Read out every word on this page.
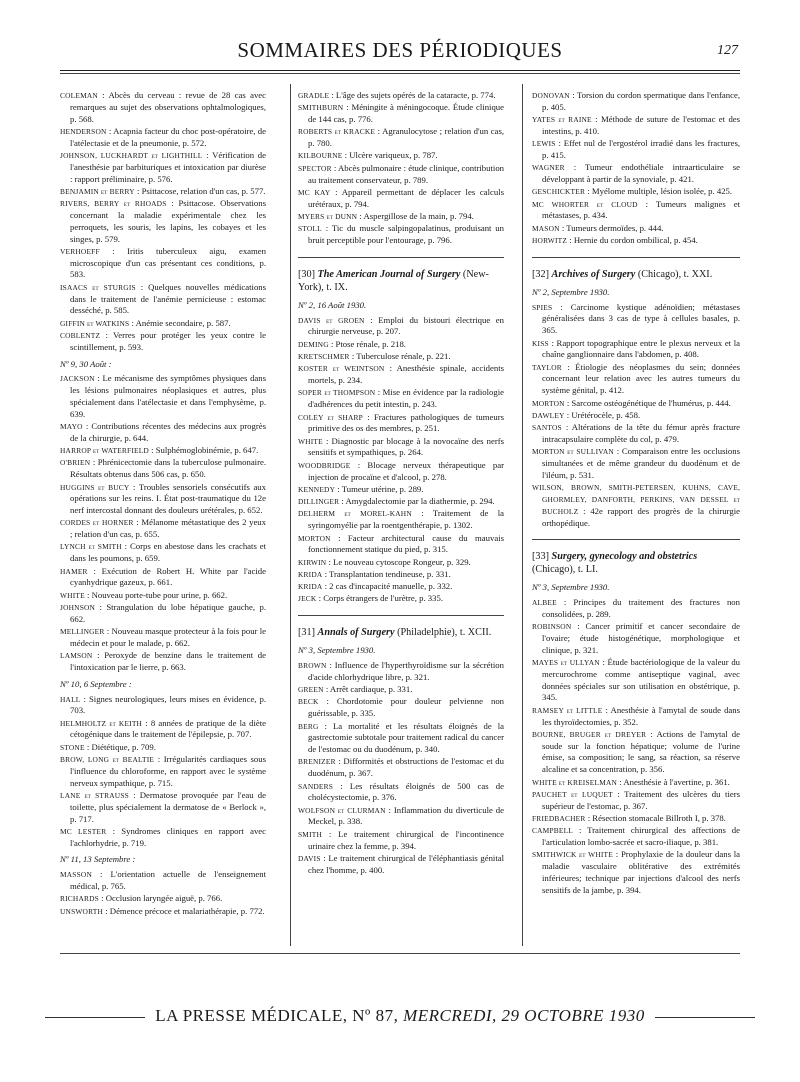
SOMMAIRES DES PÉRIODIQUES	127
COLEMAN : Abcès du cerveau : revue de 28 cas avec remarques au sujet des observations ophtalmologiques, p. 568.
HENDERSON : Acapnia facteur du choc post-opératoire, de l'atélectasie et de la pneumonie, p. 572.
JOHNSON, LUCKHARDT et LIGHTHILL : Vérification de l'anesthésie par barbituriques et intoxication par diurèse : rapport préliminaire, p. 576.
BENJAMIN et BERRY : Psittacose, relation d'un cas, p. 577.
RIVERS, BERRY et RHOADS : Psittacose. Observations concernant la maladie expérimentale chez les perroquets, les souris, les lapins, les cobayes et les singes, p. 579.
VERHOEFF : Iritis tuberculeux aigu, examen microscopique d'un cas présentant ces conditions, p. 583.
ISAACS et STURGIS : Quelques nouvelles médications dans le traitement de l'anémie pernicieuse : estomac desséché, p. 585.
GIFFIN et WATKINS : Anémie secondaire, p. 587.
COBLENTZ : Verres pour protéger les yeux contre le scintillement, p. 593.
Nº 9, 30 Août :
JACKSON : Le mécanisme des symptômes physiques dans les lésions pulmonaires néoplasiques et autres, plus spécialement dans l'atélectasie et dans l'emphysème, p. 639.
MAYO : Contributions récentes des médecins aux progrès de la chirurgie, p. 644.
HARROP et WATERFIELD : Sulphémoglobinémie, p. 647.
O'BRIEN : Phrénicectomie dans la tuberculose pulmonaire. Résultats obtenus dans 506 cas, p. 650.
HUGGINS et BUCY : Troubles sensoriels consécutifs aux opérations sur les reins. I. État post-traumatique du 12e nerf intercostal donnant des douleurs urétérales, p. 652.
CORDES et HORNER : Mélanome métastatique des 2 yeux ; relation d'un cas, p. 655.
LYNCH et SMITH : Corps en abestose dans les crachats et dans les poumons, p. 659.
HAMER : Exécution de Robert H. White par l'acide cyanhydrique gazeux, p. 661.
WHITE : Nouveau porte-tube pour urine, p. 662.
JOHNSON : Strangulation du lobe hépatique gauche, p. 662.
MELLINGER : Nouveau masque protecteur à la fois pour le médecin et pour le malade, p. 662.
LAMSON : Peroxyde de benzine dans le traitement de l'intoxication par le lierre, p. 663.
Nº 10, 6 Septembre :
HALL : Signes neurologiques, leurs mises en évidence, p. 703.
HELMHOLTZ et KEITH : 8 années de pratique de la diète cétogénique dans le traitement de l'épilepsie, p. 707.
STONE : Diététique, p. 709.
BROW, LONG et BEALTIE : Irrégularités cardiaques sous l'influence du chloroforme, en rapport avec le système nerveux sympathique, p. 715.
LANE et STRAUSS : Dermatose provoquée par l'eau de toilette, plus spécialement la dermatose de « Berlock », p. 717.
MC LESTER : Syndromes cliniques en rapport avec l'achlorhydrie, p. 719.
Nº 11, 13 Septembre :
MASSON : L'orientation actuelle de l'enseignement médical, p. 765.
RICHARDS : Occlusion laryngée aiguë, p. 766.
UNSWORTH : Démence précoce et malariathérapie, p. 772.
GRADLE : L'âge des sujets opérés de la cataracte, p. 774.
SMITHBURN : Méningite à méningocoque. Étude clinique de 144 cas, p. 776.
ROBERTS et KRACKE : Agranulocytose ; relation d'un cas, p. 780.
KILBOURNE : Ulcère variqueux, p. 787.
SPECTOR : Abcès pulmonaire : étude clinique, contribution au traitement conservateur, p. 789.
MC KAY : Appareil permettant de déplacer les calculs urétéraux, p. 794.
MYERS et DUNN : Aspergillose de la main, p. 794.
STOLL : Tic du muscle salpingopalatinus, produisant un bruit perceptible pour l'entourage, p. 796.
[30] The American Journal of Surgery (New-York), t. IX.
Nº 2, 16 Août 1930.
DAVIS et GROEN : Emploi du bistouri électrique en chirurgie nerveuse, p. 207.
DEMING : Ptose rénale, p. 218.
KRETSCHMER : Tuberculose rénale, p. 221.
KOSTER et WEINTSON : Anesthésie spinale, accidents mortels, p. 234.
SOPER et THOMPSON : Mise en évidence par la radiologie d'adhérences du petit intestin, p. 243.
COLEY et SHARP : Fractures pathologiques de tumeurs primitive des os des membres, p. 251.
WHITE : Diagnostic par blocage à la novocaïne des nerfs sensitifs et sympathiques, p. 264.
WOODBRIDGE : Blocage nerveux thérapeutique par injection de procaïne et d'alcool, p. 278.
KENNEDY : Tumeur utérine, p. 289.
DILLINGER : Amygdalectomie par la diathermie, p. 294.
DELHERM et MOREL-KAHN : Traitement de la syringomyélie par la roentgenthérapie, p. 1302.
MORTON : Facteur architectural cause du mauvais fonctionnement statique du pied, p. 315.
KIRWIN : Le nouveau cytoscope Rongeur, p. 329.
KRIDA : Transplantation tendineuse, p. 331.
KRIDA : 2 cas d'incapacité manuelle, p. 332.
JECK : Corps étrangers de l'urètre, p. 335.
[31] Annals of Surgery (Philadelphie), t. XCII.
Nº 3, Septembre 1930.
BROWN : Influence de l'hyperthyroïdisme sur la sécrétion d'acide chlorhydrique libre, p. 321.
GREEN : Arrêt cardiaque, p. 331.
BECK : Chordotomie pour douleur pelvienne non guérissable, p. 335.
BERG : La mortalité et les résultats éloignés de la gastrectomie subtotale pour traitement radical du cancer de l'estomac ou du duodénum, p. 340.
BRENIZER : Difformités et obstructions de l'estomac et du duodénum, p. 367.
SANDERS : Les résultats éloignés de 500 cas de cholécystectomie, p. 376.
WOLFSON et CLURMAN : Inflammation du diverticule de Meckel, p. 338.
SMITH : Le traitement chirurgical de l'incontinence urinaire chez la femme, p. 394.
DAVIS : Le traitement chirurgical de l'éléphantiasis génital chez l'homme, p. 400.
DONOVAN : Torsion du cordon spermatique dans l'enfance, p. 405.
YATES et RAINE : Méthode de suture de l'estomac et des intestins, p. 410.
LEWIS : Effet nul de l'ergostérol irradié dans les fractures, p. 415.
WAGNER : Tumeur endothéliale intraarticulaire se développant à partir de la synoviale, p. 421.
GESCHICKTER : Myélome multiple, lésion isolée, p. 425.
MC WHORTER et CLOUD : Tumeurs malignes et métastases, p. 434.
MASON : Tumeurs dermoïdes, p. 444.
HORWITZ : Hernie du cordon ombilical, p. 454.
[32] Archives of Surgery (Chicago), t. XXI.
Nº 2, Septembre 1930.
SPIES : Carcinome kystique adénoïdien; métastases généralisées dans 3 cas de type à cellules basales, p. 365.
KISS : Rapport topographique entre le plexus nerveux et la chaîne ganglionnaire dans l'abdomen, p. 408.
TAYLOR : Étiologie des néoplasmes du sein; données concernant leur relation avec les autres tumeurs du système génital, p. 412.
MORTON : Sarcome ostéogénétique de l'humérus, p. 444.
DAWLEY : Urétérocèle, p. 458.
SANTOS : Altérations de la tête du fémur après fracture intracapsulaire complète du col, p. 479.
MORTON et SULLIVAN : Comparaison entre les occlusions simultanées et de même grandeur du duodénum et de l'iléum, p. 531.
WILSON, BROWN, SMITH-PETERSEN, KUHNS, CAVE, GHORMLEY, DANFORTH, PERKINS, VAN DESSEL et BUCHOLZ : 42e rapport des progrès de la chirurgie orthopédique.
[33] Surgery, gynecology and obstetrics (Chicago), t. LI.
Nº 3, Septembre 1930.
ALBEE : Principes du traitement des fractures non consolidées, p. 289.
ROBINSON : Cancer primitif et cancer secondaire de l'ovaire; étude histogénétique, morphologique et clinique, p. 321.
MAYES et ULLYAN : Étude bactériologique de la valeur du mercurochrome comme antiseptique vaginal, avec données spéciales sur son utilisation en obstétrique, p. 345.
RAMSEY et LITTLE : Anesthésie à l'amytal de soude dans les thyroïdectomies, p. 352.
BOURNE, BRUGER et DREYER : Actions de l'amytal de soude sur la fonction hépatique; volume de l'urine émise, sa composition; le sang, sa réaction, sa réserve alcaline et sa concentration, p. 356.
WHITE et KREISELMAN : Anesthésie à l'avertine, p. 361.
PAUCHET et LUQUET : Traitement des ulcères du tiers supérieur de l'estomac, p. 367.
FRIEDBACHER : Résection stomacale Billroth I, p. 378.
CAMPBELL : Traitement chirurgical des affections de l'articulation lombo-sacrée et sacro-iliaque, p. 381.
SMITHWICK et WHITE : Prophylaxie de la douleur dans la maladie vasculaire oblitérative des extrémités inférieures; technique par injections d'alcool des nerfs sensitifs de la jambe, p. 394.
LA PRESSE MÉDICALE, Nº 87, MERCREDI, 29 OCTOBRE 1930
